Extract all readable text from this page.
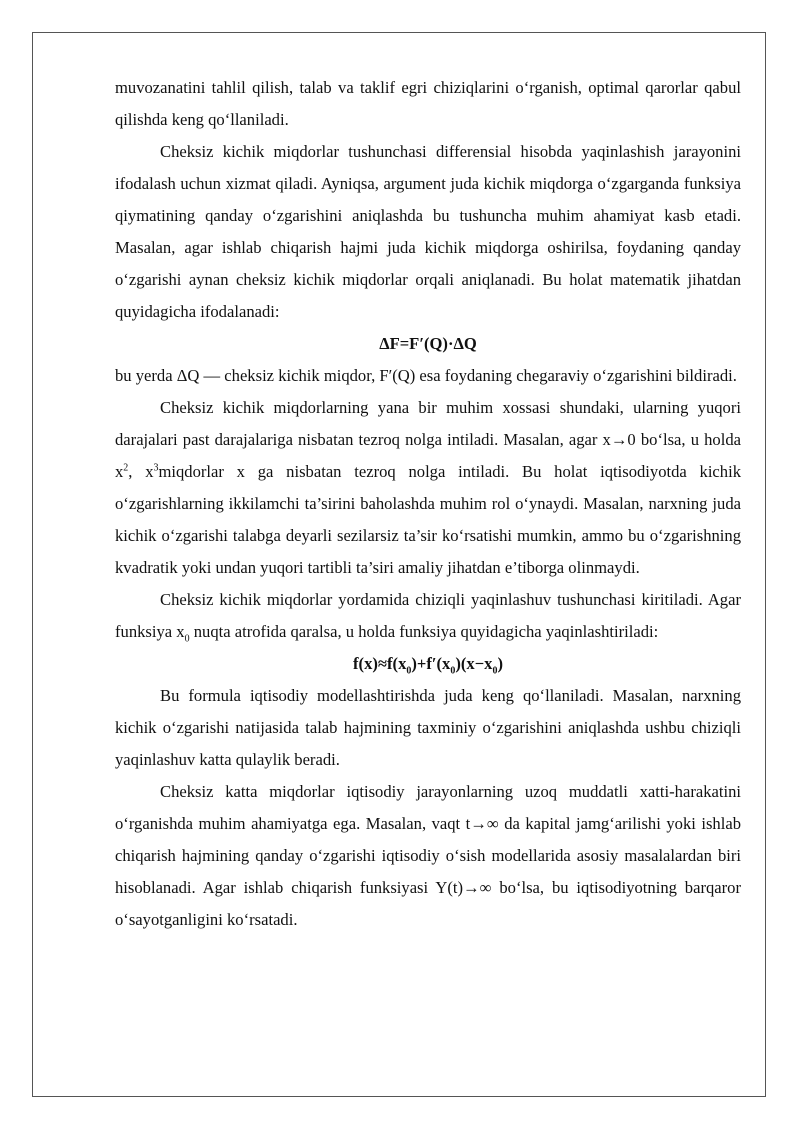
muvozanatini tahlil qilish, talab va taklif egri chiziqlarini o‘rganish, optimal qarorlar qabul qilishda keng qo‘llaniladi.

Cheksiz kichik miqdorlar tushunchasi differensial hisobda yaqinlashish jarayonini ifodalash uchun xizmat qiladi. Ayniqsa, argument juda kichik miqdorga o‘zgarganda funksiya qiymatining qanday o‘zgarishini aniqlashda bu tushuncha muhim ahamiyat kasb etadi. Masalan, agar ishlab chiqarish hajmi juda kichik miqdorga oshirilsa, foydaning qanday o‘zgarishi aynan cheksiz kichik miqdorlar orqali aniqlanadi. Bu holat matematik jihatdan quyidagicha ifodalanadi:

ΔF=F′(Q)·ΔQ

bu yerda ΔQ — cheksiz kichik miqdor, F′(Q) esa foydaning chegaraviy o‘zgarishini bildiradi.

Cheksiz kichik miqdorlarning yana bir muhim xossasi shundaki, ularning yuqori darajalari past darajalariga nisbatan tezroq nolga intiladi. Masalan, agar x→0 bo‘lsa, u holda $x^2$, $x^3miqdorlar$ x ga nisbatan tezroq nolga intiladi. Bu holat iqtisodiyotda kichik o‘zgarishlarning ikkilamchi ta’sirini baholashda muhim rol o‘ynaydi. Masalan, narxning juda kichik o‘zgarishi talabga deyarli sezilarsiz ta’sir ko‘rsatishi mumkin, ammo bu o‘zgarishning kvadratik yoki undan yuqori tartibli ta’siri amaliy jihatdan e’tiborga olinmaydi.

Cheksiz kichik miqdorlar yordamida chiziqli yaqinlashuv tushunchasi kiritiladi. Agar funksiya $x_0$ nuqta atrofida qaralsa, u holda funksiya quyidagicha yaqinlashtiriladi:

$f(x)\approx f(x_0)+f'(x_0)(x-x_0)$

Bu formula iqtisodiy modellashtirishda juda keng qo‘llaniladi. Masalan, narxning kichik o‘zgarishi natijasida talab hajmining taxminiy o‘zgarishini aniqlashda ushbu chiziqli yaqinlashuv katta qulaylik beradi.

Cheksiz katta miqdorlar iqtisodiy jarayonlarning uzoq muddatli xatti-harakatini o‘rganishda muhim ahamiyatga ega. Masalan, vaqt t→∞ da kapital jamg‘arilishi yoki ishlab chiqarish hajmining qanday o‘zgarishi iqtisodiy o‘sish modellarida asosiy masalalardan biri hisoblanadi. Agar ishlab chiqarish funksiyasi Y(t)→∞ bo‘lsa, bu iqtisodiyotning barqaror o‘sayotganligini ko‘rsatadi.
